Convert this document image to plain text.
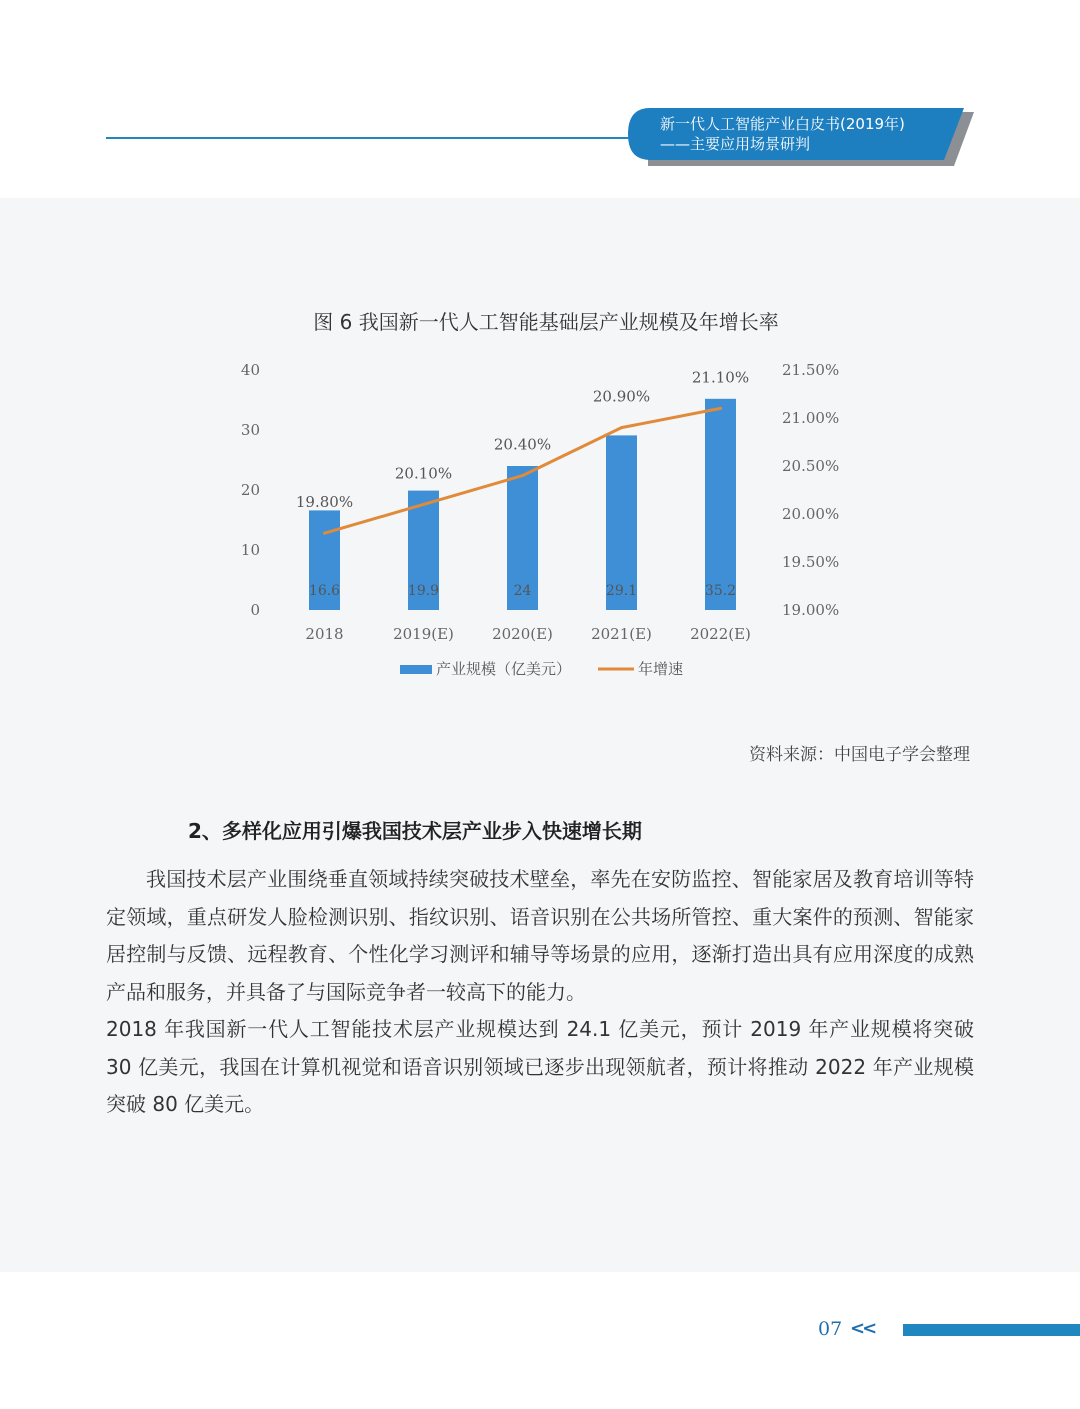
新一代人工智能产业白皮书(2019年)
——主要应用场景研判
图 6 我国新一代人工智能基础层产业规模及年增长率
0
10
20
30
40
19.00%
19.50%
20.00%
20.50%
21.00%
21.50%
16.6	19.9	24	29.1	35.2
2018	2019(E)	2020(E)	2021(E)	2022(E)
19.80%
20.10%
20.40%
20.90%
21.10%
产业规模（亿美元）	年增速
资料来源：中国电子学会整理
2、多样化应用引爆我国技术层产业步入快速增长期

我国技术层产业围绕垂直领域持续突破技术壁垒，率先在安防监控、智能家居及教育培训等特定领域，重点研发人脸检测识别、指纹识别、语音识别在公共场所管控、重大案件的预测、智能家居控制与反馈、远程教育、个性化学习测评和辅导等场景的应用，逐渐打造出具有应用深度的成熟产品和服务，并具备了与国际竞争者一较高下的能力。

2018 年我国新一代人工智能技术层产业规模达到 24.1 亿美元，预计 2019 年产业规模将突破 30 亿美元，我国在计算机视觉和语音识别领域已逐步出现领航者，预计将推动 2022 年产业规模突破 80 亿美元。

07 <<
